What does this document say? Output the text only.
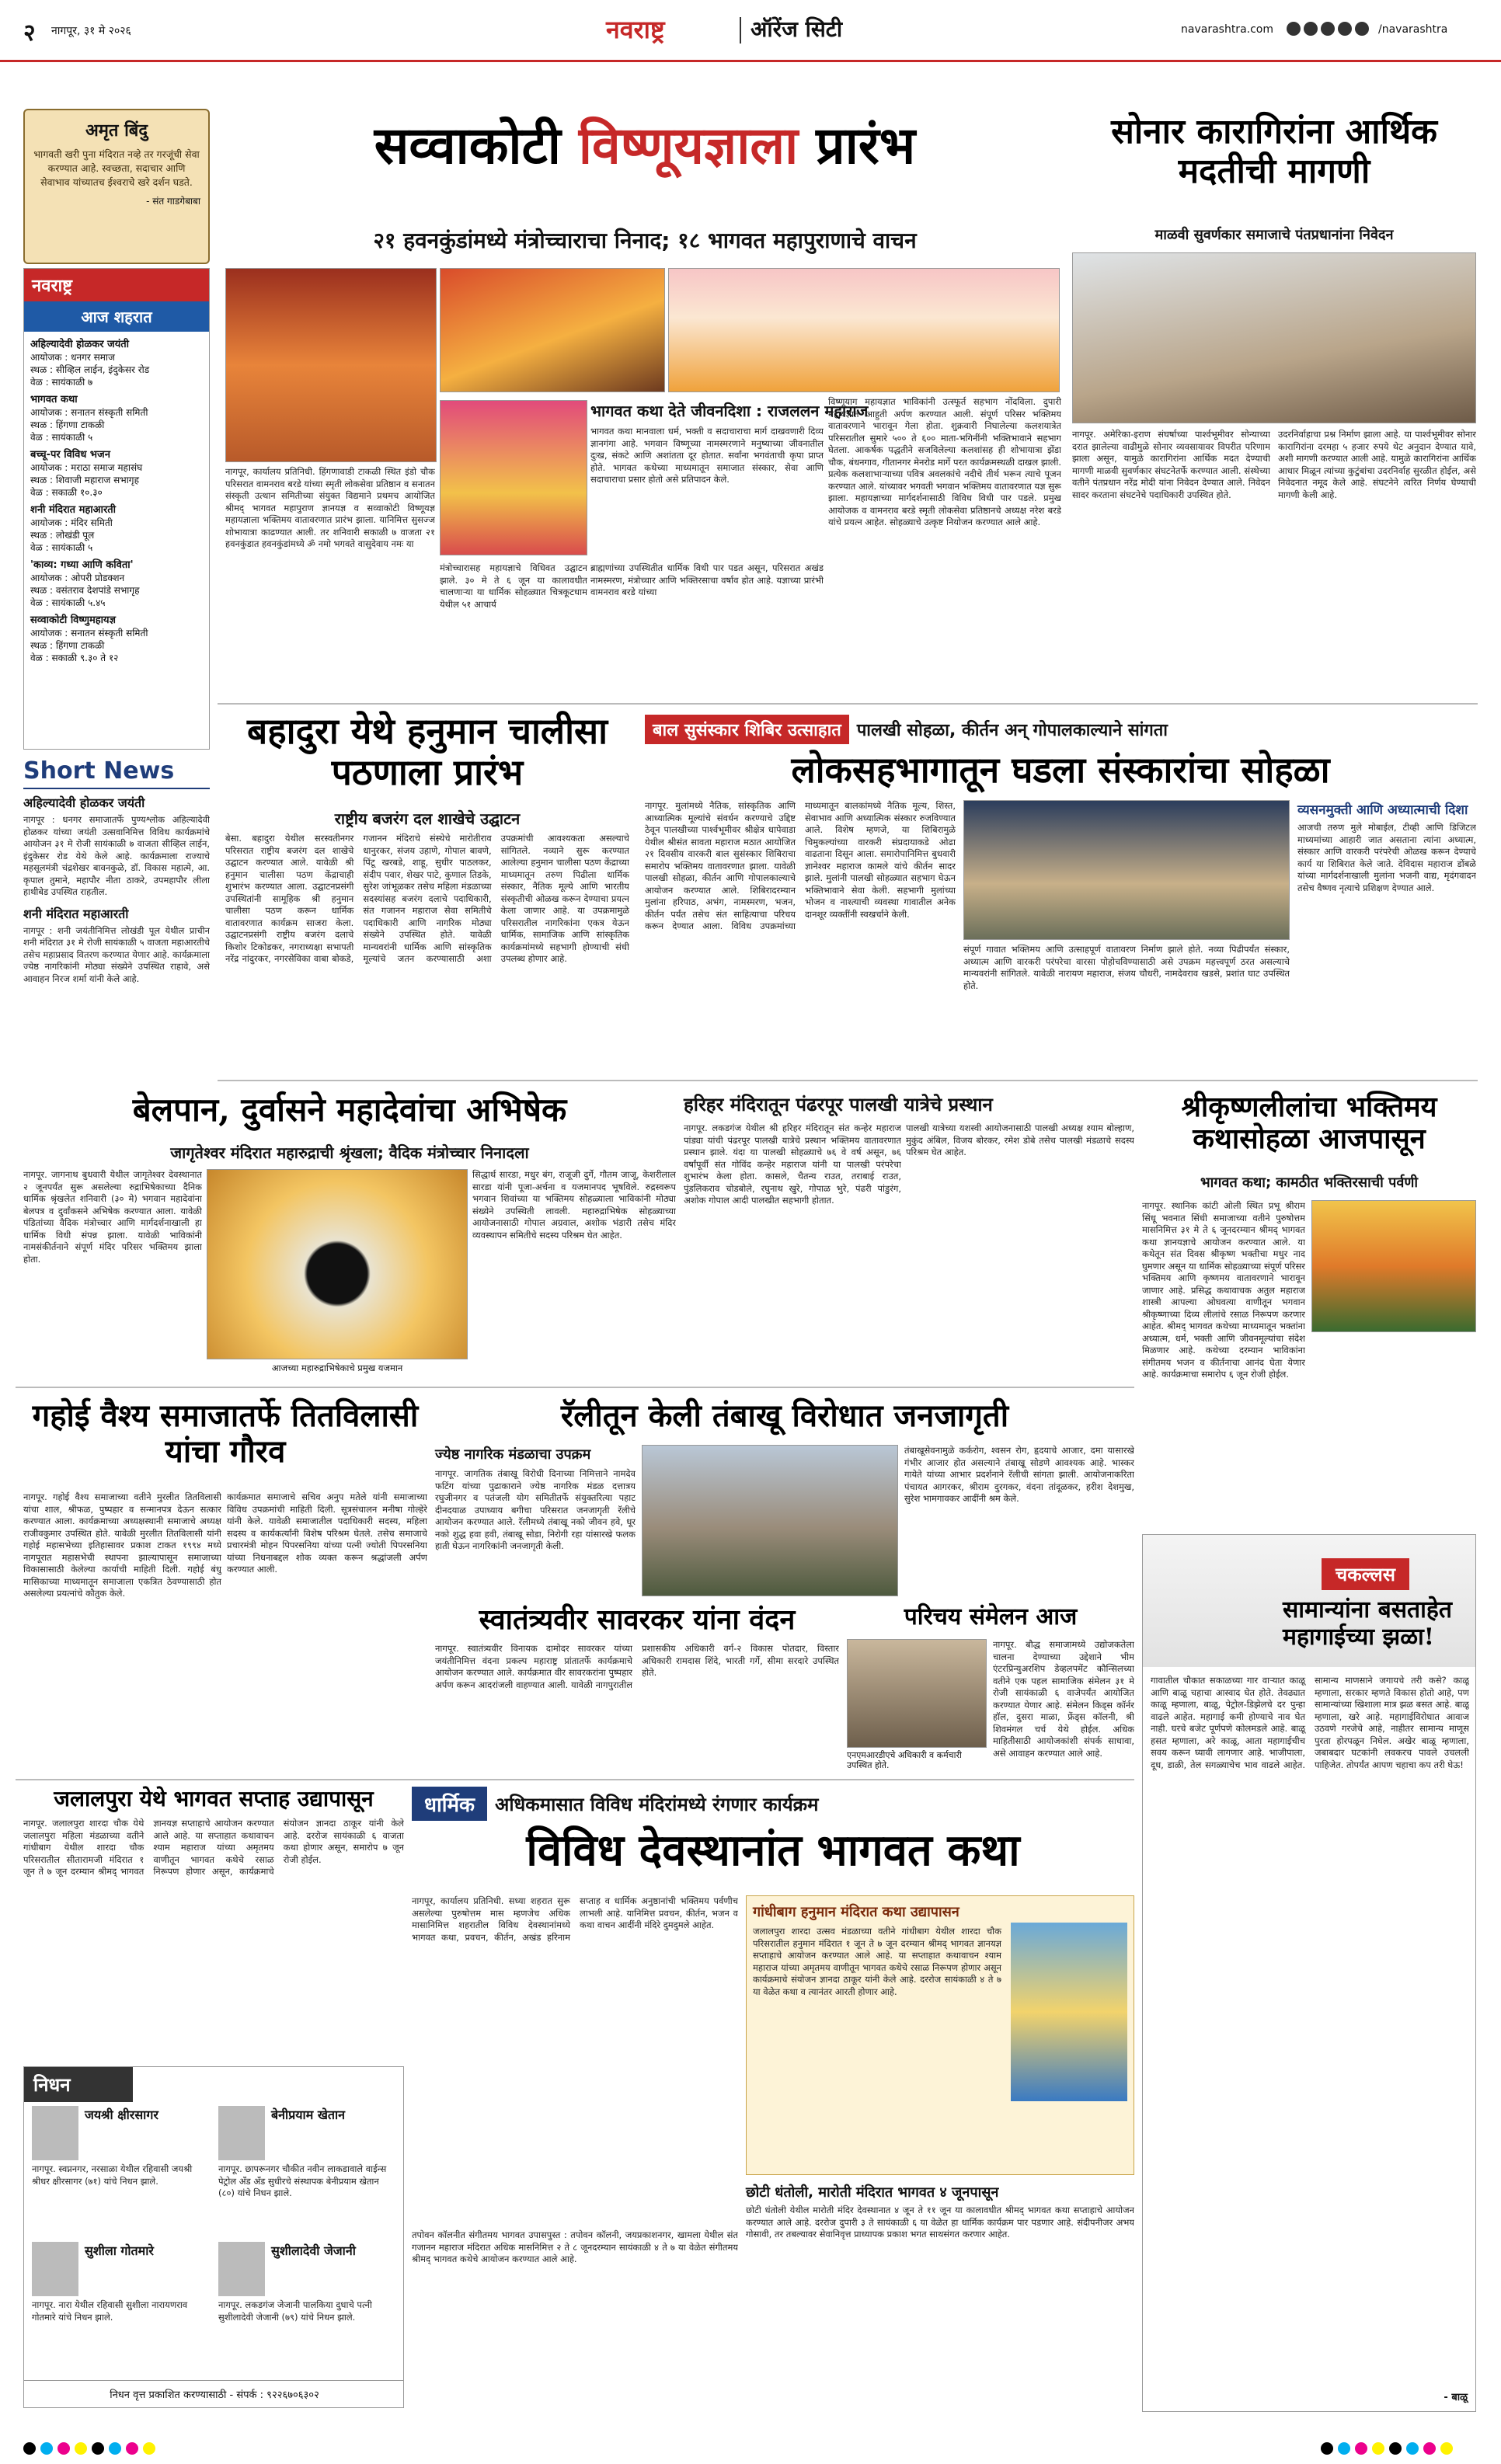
२ नागपूर, ३१ मे २०२६	नवराष्ट्र	ऑरेंज सिटी	navarashtra.com	/navarashtra
अमृत बिंदु
भागवती खरी पुना मंदिरात नव्हे तर गरजूंची सेवा करण्यात आहे. स्वच्छता, सदाचार आणि सेवाभाव यांच्यातच ईश्वराचे खरे दर्शन घडते.
- संत गाडगेबाबा
नवराष्ट्र
आज शहरात
अहिल्यादेवी होळकर जयंती
आयोजक : धनगर समाज
स्थळ : सीव्हिल लाईन, इंदुकेसर रोड
वेळ : सायंकाळी ७
भागवत कथा
आयोजक : सनातन संस्कृती समिती
स्थळ : हिंगणा टाकळी
वेळ : सायंकाळी ५
बच्चू-पर विविध भजन
आयोजक : मराठा समाज महासंघ
स्थळ : शिवाजी महाराज सभागृह
वेळ : सकाळी १०.३०
शनी मंदिरात महाआरती
आयोजक : मंदिर समिती
स्थळ : लोखंडी पूल
वेळ : सायंकाळी ५
'काव्य: गध्या आणि कविता'
आयोजक : ओपरी प्रोडक्शन
स्थळ : वसंतराव देशपांडे सभागृह
वेळ : सायंकाळी ५.४५
सव्वाकोटी विष्णुमहायज्ञ
आयोजक : सनातन संस्कृती समिती
स्थळ : हिंगणा टाकळी
वेळ : सकाळी ९.३० ते १२
Short News
अहिल्यादेवी होळकर जयंती
नागपूर : धनगर समाजातर्फे पुण्यश्लोक अहिल्यादेवी होळकर यांच्या जयंती उत्सवानिमित्त विविध कार्यक्रमांचे आयोजन ३१ मे रोजी सायंकाळी ७ वाजता सीव्हिल लाईन, इंदुकेसर रोड येथे केले आहे. कार्यक्रमाला राज्याचे महसूलमंत्री चंद्रशेखर बावनकुळे, डॉ. विकास महात्मे, आ. कृपाल तुमाने, महापौर नीता ठाकरे, उपमहापौर लीला हाथीबेड उपस्थित राहतील.
शनी मंदिरात महाआरती
नागपूर : शनी जयंतीनिमित्त लोखंडी पूल येथील प्राचीन शनी मंदिरात ३१ मे रोजी सायंकाळी ५ वाजता महाआरतीचे तसेच महाप्रसाद वितरण करण्यात येणार आहे. कार्यक्रमाला ज्येष्ठ नागरिकांनी मोठ्या संख्येने उपस्थित राहावे, असे आवाहन निरज शर्मा यांनी केले आहे.
सव्वाकोटी विष्णूयज्ञाला प्रारंभ
२१ हवनकुंडांमध्ये मंत्रोच्चाराचा निनाद; १८ भागवत महापुराणाचे वाचन
भागवत कथा देते जीवनदिशा : राजललन महाराज
नागपूर, कार्यालय प्रतिनिधी. हिंगणावाडी टाकळी स्थित इंडो चौक परिसरात वामनराव बरडे यांच्या स्मृती लोकसेवा प्रतिष्ठान व सनातन संस्कृती उत्थान समितीच्या संयुक्त विद्यमाने प्रथमच आयोजित श्रीमद् भागवत महापुराण ज्ञानयज्ञ व सव्वाकोटी विष्णूयज्ञ महायज्ञाला भक्तिमय वातावरणात प्रारंभ झाला. यानिमित्त सुसज्ज शोभायात्रा काढण्यात आली. तर शनिवारी सकाळी ७ वाजता २१ हवनकुंडात हवनकुंडांमध्ये ॐ नमो भगवते वासुदेवाय नमः या
मंत्रोच्चारासह महायज्ञाचे विधिवत उद्घाटन झाले. ३० मे ते ६ जून या कालावधीत चालणाऱ्या या धार्मिक सोहळ्यात चित्रकूटधाम येथील ५१ आचार्य
भागवत कथा मानवाला धर्म, भक्ती व सदाचाराचा मार्ग दाखवणारी दिव्य ज्ञानगंगा आहे. भगवान विष्णूच्या नामस्मरणाने मनुष्याच्या जीवनातील दुःख, संकटे आणि अशांतता दूर होतात. सर्वांना भगवंताची कृपा प्राप्त होते. भागवत कथेच्या माध्यमातून समाजात संस्कार, सेवा आणि सदाचाराचा प्रसार होतो असे प्रतिपादन केले.
ब्राह्मणांच्या उपस्थितीत धार्मिक विधी पार पडत असून, परिसरात अखंड नामस्मरण, मंत्रोच्चार आणि भक्तिरसाचा वर्षाव होत आहे. यज्ञाच्या प्रारंभी वामनराव बरडे यांच्या
विष्णूयाग महायज्ञात भाविकांनी उत्स्फूर्त सहभाग नोंदविला. दुपारी महायज्ञात आहुती अर्पण करण्यात आली. संपूर्ण परिसर भक्तिमय वातावरणाने भारावून गेला होता. शुक्रवारी निघालेल्या कलशयात्रेत परिसरातील सुमारे ५०० ते ६०० माता-भगिनींनी भक्तिभावाने सहभाग घेतला. आकर्षक पद्धतीने सजविलेल्या कलशांसह ही शोभायात्रा झेंडा चौक, बंधनगाव, गीतानगर मेनरोड मार्गे परत कार्यक्रमस्थळी दाखल झाली. प्रत्येक कलशाभाऱ्याच्या पवित्र अवलकांचे नदीचे तीर्थ भरून त्याचे पूजन करण्यात आले. यांच्यावर भगवती भगवान भक्तिमय वातावरणात यज्ञ सुरू झाला. महायज्ञाच्या मार्गदर्शनासाठी विविध विधी पार पडले. प्रमुख आयोजक व वामनराव बरडे स्मृती लोकसेवा प्रतिष्ठानचे अध्यक्ष नरेश बरडे यांचे प्रयत्न आहेत. सोहळ्याचे उत्कृष्ट नियोजन करण्यात आले आहे.
सोनार कारागिरांना आर्थिक मदतीची मागणी
माळवी सुवर्णकार समाजाचे पंतप्रधानांना निवेदन
नागपूर. अमेरिका-इराण संघर्षाच्या पार्श्वभूमीवर सोन्याच्या दरात झालेल्या वाढीमुळे सोनार व्यवसायावर विपरीत परिणाम झाला असून, यामुळे कारागिरांना आर्थिक मदत देण्याची मागणी माळवी सुवर्णकार संघटनेतर्फे करण्यात आली. संस्थेच्या वतीने पंतप्रधान नरेंद्र मोदी यांना निवेदन देण्यात आले. निवेदन सादर करताना संघटनेचे पदाधिकारी उपस्थित होते.
उदरनिर्वाहाचा प्रश्न निर्माण झाला आहे. या पार्श्वभूमीवर सोनार कारागिरांना दरमहा ५ हजार रुपये थेट अनुदान देण्यात यावे, अशी मागणी करण्यात आली आहे. यामुळे कारागिरांना आर्थिक आधार मिळून त्यांच्या कुटुंबांचा उदरनिर्वाह सुरळीत होईल, असे निवेदनात नमूद केले आहे. संघटनेने त्वरित निर्णय घेण्याची मागणी केली आहे.
बहादुरा येथे हनुमान चालीसा पठणाला प्रारंभ
राष्ट्रीय बजरंग दल शाखेचे उद्घाटन
बेसा. बहादुरा येथील सरस्वतीनगर परिसरात राष्ट्रीय बजरंग दल शाखेचे उद्घाटन करण्यात आले. यावेळी श्री हनुमान चालीसा पठण केंद्राचाही शुभारंभ करण्यात आला. उद्घाटनप्रसंगी उपस्थितांनी सामूहिक श्री हनुमान चालीसा पठण करून धार्मिक वातावरणात कार्यक्रम साजरा केला. उद्घाटनप्रसंगी राष्ट्रीय बजरंग दलाचे किशोर टिकोडकर, नगराध्यक्षा सभापती नरेंद्र नांदुरकर, नगरसेविका वाबा बोकडे, गजानन मंदिराचे संस्थेचे मारोतीराव धानुरकर, संजय उहाणे, गोपाल बावणे, पिंटू खरबडे, शाहू, सुधीर पाठलकर, संदीप पवार, शेखर पाटे, कुणाल तिडके, सुरेश जांभूळकर तसेच महिला मंडळाच्या सदस्यांसह बजरंग दलाचे पदाधिकारी, संत गजानन महाराज सेवा समितीचे पदाधिकारी आणि नागरिक मोठ्या संख्येने उपस्थित होते. यावेळी मान्यवरांनी धार्मिक आणि सांस्कृतिक मूल्यांचे जतन करण्यासाठी अशा उपक्रमांची आवश्यकता असल्याचे सांगितले. नव्याने सुरू करण्यात आलेल्या हनुमान चालीसा पठण केंद्राच्या माध्यमातून तरुण पिढीला धार्मिक संस्कार, नैतिक मूल्ये आणि भारतीय संस्कृतीची ओळख करून देण्याचा प्रयत्न केला जाणार आहे. या उपक्रमामुळे परिसरातील नागरिकांना एकत्र येऊन धार्मिक, सामाजिक आणि सांस्कृतिक कार्यक्रमांमध्ये सहभागी होण्याची संधी उपलब्ध होणार आहे.
बाल सुसंस्कार शिबिर उत्साहात पालखी सोहळा, कीर्तन अन् गोपालकाल्याने सांगता
लोकसहभागातून घडला संस्कारांचा सोहळा
नागपूर. मुलांमध्ये नैतिक, सांस्कृतिक आणि आध्यात्मिक मूल्यांचे संवर्धन करण्याचे उद्दिष्ट ठेवून पालखीच्या पार्श्वभूमीवर श्रीक्षेत्र धापेवाडा येथील श्रीसंत सावता महाराज मठात आयोजित २१ दिवसीय वारकरी बाल सुसंस्कार शिबिराचा समारोप भक्तिमय वातावरणात झाला. यावेळी पालखी सोहळा, कीर्तन आणि गोपालकाल्याचे आयोजन करण्यात आले. शिबिरादरम्यान मुलांना हरिपाठ, अभंग, नामस्मरण, भजन, कीर्तन पर्यंत तसेच संत साहित्याचा परिचय करून देण्यात आला. विविध उपक्रमांच्या माध्यमातून बालकांमध्ये नैतिक मूल्य, शिस्त, सेवाभाव आणि अध्यात्मिक संस्कार रुजविण्यात आले. विशेष म्हणजे, या शिबिरामुळे चिमुकल्यांच्या वारकरी संप्रदायाकडे ओढा वाढताना दिसून आला. समारोपानिमित्त बुधवारी ज्ञानेश्वर महाराज कामले यांचे कीर्तन सादर झाले. मुलांनी पालखी सोहळ्यात सहभाग घेऊन भक्तिभावाने सेवा केली. सहभागी मुलांच्या भोजन व नाश्त्याची व्यवस्था गावातील अनेक दानशूर व्यक्तींनी स्वखर्चाने केली.
संपूर्ण गावात भक्तिमय आणि उत्साहपूर्ण वातावरण निर्माण झाले होते. नव्या पिढीपर्यंत संस्कार, अध्यात्म आणि वारकरी परंपरेचा वारसा पोहोचविण्यासाठी असे उपक्रम महत्त्वपूर्ण ठरत असल्याचे मान्यवरांनी सांगितले. यावेळी नारायण महाराज, संजय चौधरी, नामदेवराव खडसे, प्रशांत घाट उपस्थित होते.
व्यसनमुक्ती आणि अध्यात्माची दिशा
आजची तरुण मुले मोबाईल, टीव्ही आणि डिजिटल माध्यमांच्या आहारी जात असताना त्यांना अध्यात्म, संस्कार आणि वारकरी परंपरेची ओळख करून देण्याचे कार्य या शिबिरात केले जाते. देविदास महाराज डोंबळे यांच्या मार्गदर्शनाखाली मुलांना भजनी वाद्य, मृदंगवादन तसेच वैष्णव नृत्याचे प्रशिक्षण देण्यात आले.
बेलपान, दुर्वासने महादेवांचा अभिषेक
जागृतेश्वर मंदिरात महारुद्राची श्रृंखला; वैदिक मंत्रोच्चार निनादला
नागपूर. जागनाथ बुधवारी येथील जागृतेश्वर देवस्थानात २ जूनपर्यंत सुरू असलेल्या रुद्राभिषेकाच्या दैनिक धार्मिक श्रृंखलेत शनिवारी (३० मे) भगवान महादेवांना बेलपत्र व दुर्वांकसने अभिषेक करण्यात आला. यावेळी पंडितांच्या वैदिक मंत्रोच्चार आणि मार्गदर्शनाखाली हा धार्मिक विधी संपन्न झाला. यावेळी भाविकांनी नामसंकीर्तनाने संपूर्ण मंदिर परिसर भक्तिमय झाला होता.
आजच्या महारुद्राभिषेकाचे प्रमुख यजमान
सिद्धार्थ सारडा, मधुर बंग, राजूजी दुर्गे, गौतम जाजू, केशरीलाल सारडा यांनी पूजा-अर्चना व यजमानपद भूषविले. रुद्रस्वरूप भगवान शिवांच्या या भक्तिमय सोहळ्याला भाविकांनी मोठ्या संख्येने उपस्थिती लावली. महारुद्राभिषेक सोहळ्याच्या आयोजनासाठी गोपाल अग्रवाल, अशोक भंडारी तसेच मंदिर व्यवस्थापन समितीचे सदस्य परिश्रम घेत आहेत.
हरिहर मंदिरातून पंढरपूर पालखी यात्रेचे प्रस्थान
नागपूर. लकडगंज येथील श्री हरिहर मंदिरातून संत कन्हेर महाराज पांड्या यांची पंढरपूर पालखी यात्रेचे प्रस्थान भक्तिमय वातावरणात प्रस्थान झाले. यंदा या पालखी सोहळ्याचे ७६ वे वर्ष असून, ७६ वर्षांपूर्वी संत गोविंद कन्हेर महाराज यांनी या पालखी परंपरेचा शुभारंभ केला होता. कासले, चैतन्य राउत, तराबाई राउत, पुंडलिकराव चोडबोले, रघुनाथ खुरे, गोपाळ भुरे, पंढरी पांडुरंग, अशोक गोपाल आदी पालखीत सहभागी होतात.
पालखी यात्रेच्या यशस्वी आयोजनासाठी पालखी अध्यक्ष श्याम बोल्हाण, मुकुंद अंबिल, विजय बोरकर, रमेश डोबे तसेच पालखी मंडळाचे सदस्य परिश्रम घेत आहेत.
श्रीकृष्णलीलांचा भक्तिमय कथासोहळा आजपासून
भागवत कथा; कामठीत भक्तिरसाची पर्वणी
नागपूर. स्थानिक कांटी ओली स्थित प्रभू श्रीराम सिंधू भवनात सिंधी समाजाच्या वतीने पुरुषोत्तम मासनिमित्त ३१ मे ते ६ जूनदरम्यान श्रीमद् भागवत कथा ज्ञानयज्ञाचे आयोजन करण्यात आले. या कथेतून संत दिवस श्रीकृष्ण भक्तीचा मधुर नाद घुमणार असून या धार्मिक सोहळ्याच्या संपूर्ण परिसर भक्तिमय आणि कृष्णमय वातावरणाने भारावून जाणार आहे. प्रसिद्ध कथावाचक अतुल महाराज शास्त्री आपल्या ओघवत्या वाणीतून भगवान श्रीकृष्णाच्या दिव्य लीलांचे रसाळ निरूपण करणार आहेत. श्रीमद् भागवत कथेच्या माध्यमातून भक्तांना अध्यात्म, धर्म, भक्ती आणि जीवनमूल्यांचा संदेश मिळणार आहे. कथेच्या दरम्यान भाविकांना संगीतमय भजन व कीर्तनाचा आनंद घेता येणार आहे. कार्यक्रमाचा समारोप ६ जून रोजी होईल.
गहोई वैश्य समाजातर्फे तितविलासी यांचा गौरव
नागपूर. गहोई वैश्य समाजाच्या वतीने मुरलीत तितविलासी यांचा शाल, श्रीफळ, पुष्पहार व सन्मानपत्र देऊन सत्कार करण्यात आला. कार्यक्रमाच्या अध्यक्षस्थानी समाजाचे अध्यक्ष राजीवकुमार उपस्थित होते. यावेळी मुरलीत तितविलासी यांनी गहोई महासभेच्या इतिहासावर प्रकाश टाकत १९९४ मध्ये नागपूरात महासभेची स्थापना झाल्यापासून समाजाच्या विकासासाठी केलेल्या कार्याची माहिती दिली. गहोई बंधु मासिकाच्या माध्यमातून समाजाला एकत्रित ठेवण्यासाठी होत असलेल्या प्रयत्नांचे कौतुक केले.
कार्यक्रमात समाजाचे सचिव अनुप मतेले यांनी समाजाच्या विविध उपक्रमांची माहिती दिली. सूत्रसंचालन मनीषा गोल्हेरे यांनी केले. यावेळी समाजातील पदाधिकारी सदस्य, महिला सदस्य व कार्यकर्त्यांनी विशेष परिश्रम घेतले. तसेच समाजाचे प्रचारमंत्री मोहन पिपरसनिया यांच्या पत्नी ज्योती पिपरसनिया यांच्या निधनाबद्दल शोक व्यक्त करून श्रद्धांजली अर्पण करण्यात आली.
रॅलीतून केली तंबाखू विरोधात जनजागृती
ज्येष्ठ नागरिक मंडळाचा उपक्रम
नागपूर. जागतिक तंबाखू विरोधी दिनाच्या निमित्ताने नामदेव फटिंग यांच्या पुढाकाराने ज्येष्ठ नागरिक मंडळ दत्तात्रय रघुजीनगर व पतंजली योग समितीतर्फे संयुक्तरित्या पहाट दीनदयाळ उपाध्याय बगीचा परिसरात जनजागृती रॅलीचे आयोजन करण्यात आले. रॅलीमध्ये तंबाखू नको जीवन हवे, धूर नको शुद्ध हवा हवी, तंबाखू सोडा, निरोगी रहा यांसारखे फलक हाती घेऊन नागरिकांनी जनजागृती केली.
तंबाखूसेवनामुळे कर्करोग, श्वसन रोग, हृदयाचे आजार, दमा यासारखे गंभीर आजार होत असल्याने तंबाखू सोडणे आवश्यक आहे. भास्कर गायेते यांच्या आभार प्रदर्शनाने रॅलीची सांगता झाली. आयोजनाकरिता पंचायत आगरकर, श्रीराम दुरगकर, वंदना तांदूळकर, हरीश देशमुख, सुरेश भामगावकर आदींनी श्रम केले.
स्वातंत्र्यवीर सावरकर यांना वंदन
नागपूर. स्वातंत्र्यवीर विनायक दामोदर सावरकर यांच्या जयंतीनिमित्त वंदना प्रकल्प महाराष्ट्र प्रांतातर्फे कार्यक्रमाचे आयोजन करण्यात आले. कार्यक्रमात वीर सावरकरांना पुष्पहार अर्पण करून आदरांजली वाहण्यात आली. यावेळी नागपुरातील प्रशासकीय अधिकारी वर्ग-२ विकास पोतदार, विस्तार अधिकारी रामदास शिंदे, भारती गर्गे, सीमा सरदारे उपस्थित होते.
परिचय संमेलन आज
एनएमआरडीएचे अधिकारी व कर्मचारी उपस्थित होते.
नागपूर. बौद्ध समाजामध्ये उद्योजकतेला चालना देण्याच्या उद्देशाने भीम एंटरप्रिन्युअरशिप डेव्हलपमेंट कौन्सिलच्या वतीने एक पहल सामाजिक संमेलन ३१ मे रोजी सायंकाळी ६ वाजेपर्यंत आयोजित करण्यात येणार आहे. संमेलन किड्स कॉर्नर हॉल, दुसरा माळा, फ्रेंड्स कॉलनी, श्री शिवमंगल चर्च येथे होईल. अधिक माहितीसाठी आयोजकांशी संपर्क साधावा, असे आवाहन करण्यात आले आहे.
चकल्लस
सामान्यांना बसताहेत महागाईच्या झळा!
गावातील चौकात सकाळच्या गार वाऱ्यात काळू आणि बाळू चहाचा आस्वाद घेत होते. तेवढ्यात काळू म्हणाला, बाळू, पेट्रोल-डिझेलचे दर पुन्हा वाढले आहेत. महागाई कमी होण्याचे नाव घेत नाही. घरचे बजेट पूर्णपणे कोलमडले आहे. बाळू हसत म्हणाला, अरे काळू, आता महागाईचीच सवय करून घ्यावी लागणार आहे. भाजीपाला, दूध, डाळी, तेल सगळ्याचेच भाव वाढले आहेत. सामान्य माणसाने जगायचे तरी कसे? काळू म्हणाला, सरकार म्हणते विकास होतो आहे, पण सामान्यांच्या खिशाला मात्र झळ बसत आहे. बाळू म्हणाला, खरे आहे. महागाईविरोधात आवाज उठवणे गरजेचे आहे, नाहीतर सामान्य माणूस पुरता होरपळून निघेल. अखेर बाळू म्हणाला, जबाबदार घटकांनी लवकरच पावले उचलली पाहिजेत. तोपर्यंत आपण चहाचा कप तरी घेऊ!
- बाळू
जलालपुरा येथे भागवत सप्ताह उद्यापासून
नागपूर. जलालपुरा शारदा चौक येथे जलालपुरा महिला मंडळाच्या वतीने गांधीबाग येथील शारदा चौक परिसरातील सीतारामजी मंदिरात १ जून ते ७ जून दरम्यान श्रीमद् भागवत ज्ञानयज्ञ सप्ताहाचे आयोजन करण्यात आले आहे. या सप्ताहात कथावाचन श्याम महाराज यांच्या अमृतमय वाणीतून भागवत कथेचे रसाळ निरूपण होणार असून, कार्यक्रमाचे संयोजन ज्ञानदा ठाकूर यांनी केले आहे. दररोज सायंकाळी ६ वाजता कथा होणार असून, समारोप ७ जून रोजी होईल.
धार्मिक	अधिकमासात विविध मंदिरांमध्ये रंगणार कार्यक्रम
विविध देवस्थानांत भागवत कथा
नागपूर, कार्यालय प्रतिनिधी. सध्या शहरात सुरू असलेल्या पुरुषोत्तम मास म्हणजेच अधिक मासानिमित्त शहरातील विविध देवस्थानांमध्ये भागवत कथा, प्रवचन, कीर्तन, अखंड हरिनाम सप्ताह व धार्मिक अनुष्ठानांची भक्तिमय पर्वणीच लाभली आहे. यानिमित्त प्रवचन, कीर्तन, भजन व कथा वाचन आदींनी मंदिरे दुमदुमले आहेत.
गांधीबाग हनुमान मंदिरात कथा उद्यापासन
जलालपुरा शारदा उत्सव मंडळाच्या वतीने गांधीबाग येथील शारदा चौक परिसरातील हनुमान मंदिरात १ जून ते ७ जून दरम्यान श्रीमद् भागवत ज्ञानयज्ञ सप्ताहाचे आयोजन करण्यात आले आहे. या सप्ताहात कथावाचन श्याम महाराज यांच्या अमृतमय वाणीतून भागवत कथेचे रसाळ निरूपण होणार असून कार्यक्रमाचे संयोजन ज्ञानदा ठाकूर यांनी केले आहे. दररोज सायंकाळी ४ ते ७ या वेळेत कथा व त्यानंतर आरती होणार आहे.
तपोवन कॉलनीत संगीतमय भागवत उपासपुस्त : तपोवन कॉलनी, जयप्रकाशनगर, खामला येथील संत गजानन महाराज मंदिरात अधिक मासनिमित्त २ ते ८ जूनदरम्यान सायंकाळी ४ ते ७ या वेळेत संगीतमय श्रीमद् भागवत कथेचे आयोजन करण्यात आले आहे.
छोटी धंतोली, मारोती मंदिरात भागवत ४ जूनपासून
छोटी धंतोली येथील मारोती मंदिर देवस्थानात ४ जून ते ११ जून या कालावधीत श्रीमद् भागवत कथा सप्ताहाचे आयोजन करण्यात आले आहे. दररोज दुपारी ३ ते सायंकाळी ६ या वेळेत हा धार्मिक कार्यक्रम पार पडणार आहे. संदीपनीजर अभय गोसावी, तर तबल्यावर सेवानिवृत्त प्राध्यापक प्रकाश भगत साथसंगत करणार आहेत.
निधन
जयश्री क्षीरसागर
नागपूर. स्वप्ननगर, नरसाळा येथील रहिवासी जयश्री श्रीधर क्षीरसागर (७१) यांचे निधन झाले.
बेनीप्रयाम खेतान
नागपूर. छापरूनगर चौकीत नवीन लाकडावाले वाईन्स पेट्रोल अँड अँड सुधीरचे संस्थापक बेनीप्रयाम खेतान (८०) यांचे निधन झाले.
सुशीला गोतमारे
नागपूर. नारा येथील रहिवासी सुशीला नारायणराव गोतमारे यांचे निधन झाले.
सुशीलादेवी जेजानी
नागपूर. लकडगंज जेजानी पालकिया दुधाचे पत्नी सुशीलादेवी जेजानी (७९) यांचे निधन झाले.
निधन वृत्त प्रकाशित करण्यासाठी - संपर्क : ९२२६७०६३०२
